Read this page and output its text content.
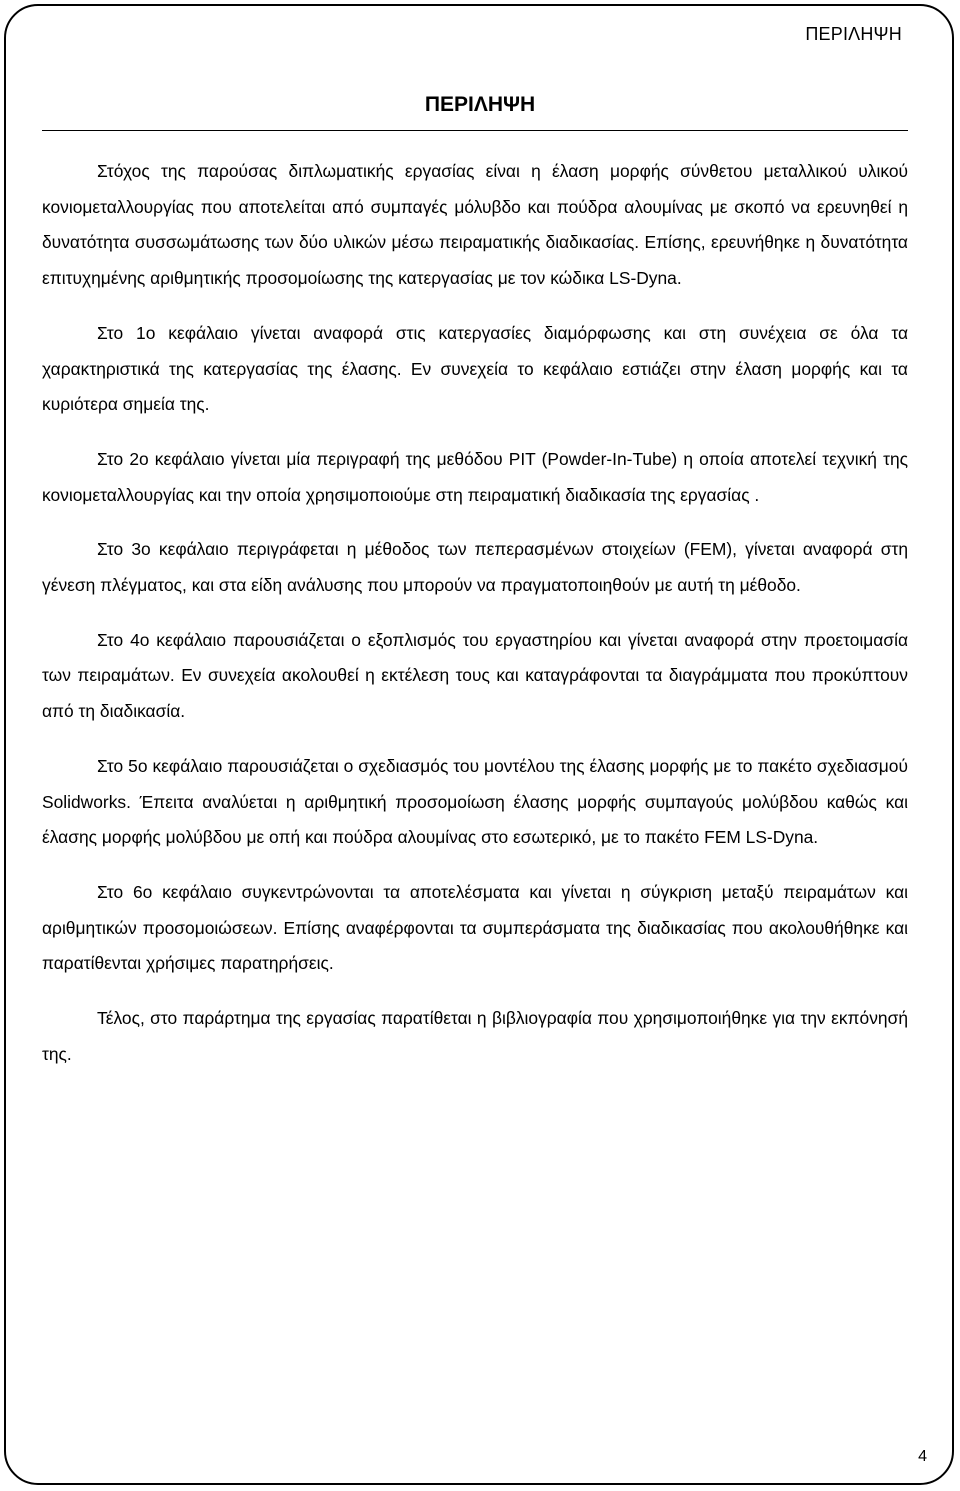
ΠΕΡΙΛΗΨΗ
ΠΕΡΙΛΗΨΗ

Στόχος της παρούσας διπλωματικής εργασίας είναι η έλαση μορφής σύνθετου μεταλλικού υλικού κονιομεταλλουργίας που αποτελείται από συμπαγές μόλυβδο και πούδρα αλουμίνας με σκοπό να ερευνηθεί η δυνατότητα συσσωμάτωσης των δύο υλικών μέσω πειραματικής διαδικασίας. Επίσης, ερευνήθηκε η δυνατότητα επιτυχημένης αριθμητικής προσομοίωσης της κατεργασίας με τον κώδικα LS-Dyna.

Στο 1ο κεφάλαιο γίνεται αναφορά στις κατεργασίες διαμόρφωσης και στη συνέχεια σε όλα τα χαρακτηριστικά της κατεργασίας της έλασης. Εν συνεχεία το κεφάλαιο εστιάζει στην έλαση μορφής και τα κυριότερα σημεία της.

Στο 2ο κεφάλαιο γίνεται μία περιγραφή της μεθόδου PIT (Powder-In-Tube) η οποία αποτελεί τεχνική της κονιομεταλλουργίας και την οποία χρησιμοποιούμε στη πειραματική διαδικασία της εργασίας .

Στο 3ο κεφάλαιο περιγράφεται η μέθοδος των πεπερασμένων στοιχείων (FEM), γίνεται αναφορά στη γένεση πλέγματος, και στα είδη ανάλυσης που μπορούν να πραγματοποιηθούν με αυτή τη μέθοδο.

Στο 4ο κεφάλαιο παρουσιάζεται ο εξοπλισμός του εργαστηρίου και γίνεται αναφορά στην προετοιμασία των πειραμάτων. Εν συνεχεία ακολουθεί η εκτέλεση τους και καταγράφονται τα διαγράμματα που προκύπτουν από τη διαδικασία.

Στο 5ο κεφάλαιο παρουσιάζεται ο σχεδιασμός του μοντέλου της έλασης μορφής με το πακέτο σχεδιασμού Solidworks. Έπειτα αναλύεται η αριθμητική προσομοίωση έλασης μορφής συμπαγούς μολύβδου καθώς και έλασης μορφής μολύβδου με οπή και πούδρα αλουμίνας στο εσωτερικό, με το πακέτο FEM LS-Dyna.

Στο 6ο κεφάλαιο συγκεντρώνονται τα αποτελέσματα και γίνεται η σύγκριση μεταξύ πειραμάτων και αριθμητικών προσομοιώσεων. Επίσης αναφέρφονται τα συμπεράσματα της διαδικασίας που ακολουθήθηκε και παρατίθενται χρήσιμες παρατηρήσεις.

Τέλος, στο παράρτημα της εργασίας παρατίθεται η βιβλιογραφία που χρησιμοποιήθηκε για την εκπόνησή της.

4
